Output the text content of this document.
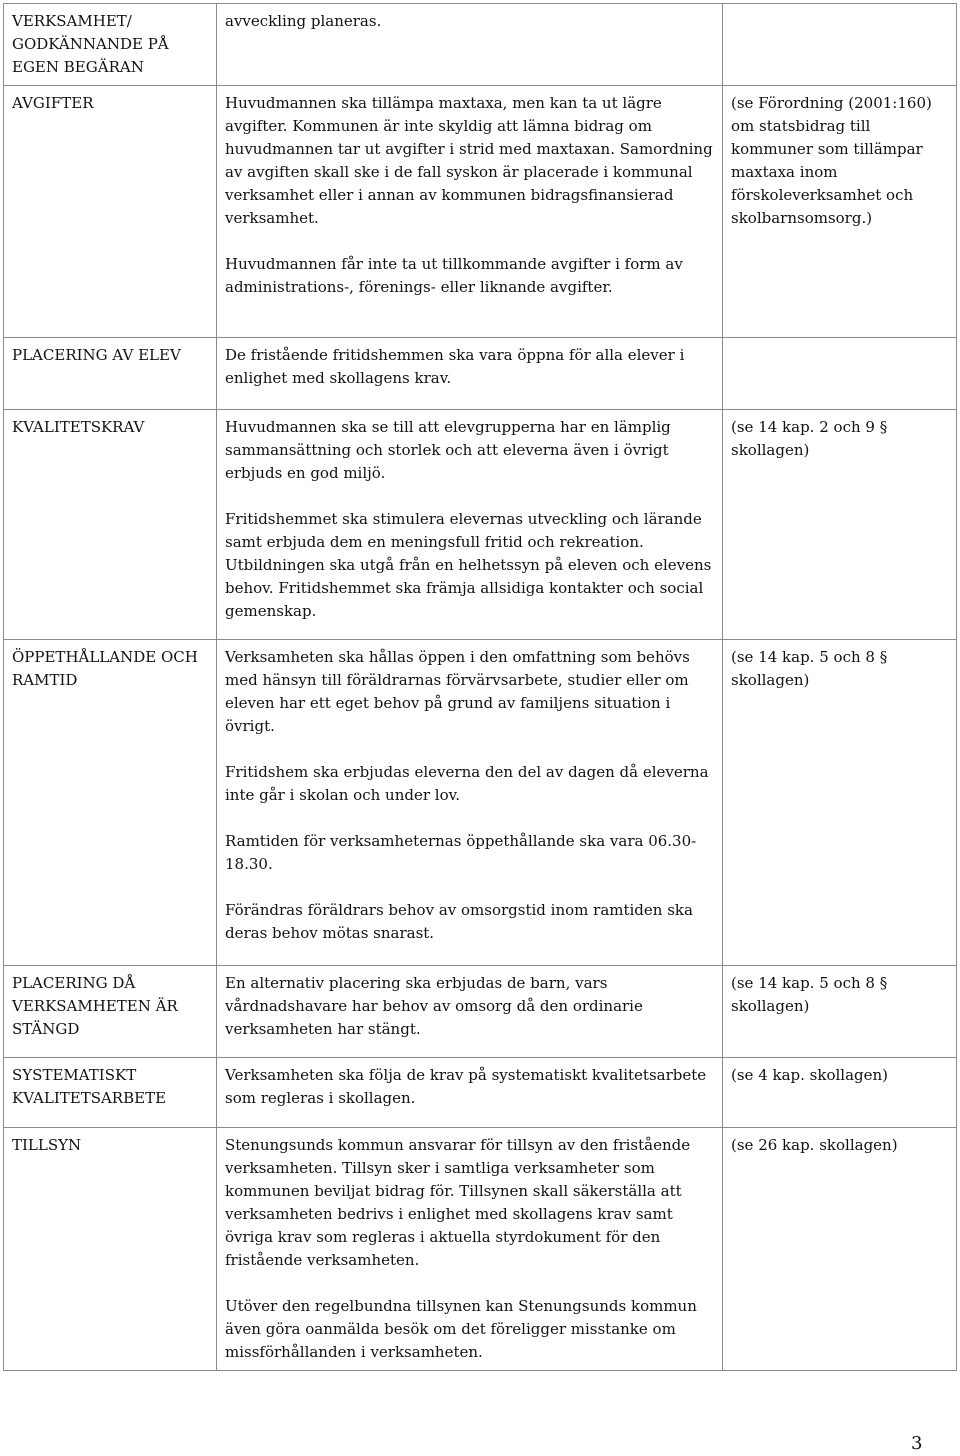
VERKSAMHET/ GODKÄNNANDE PÅ EGEN BEGÄRAN	avveckling planeras.	

AVGIFTER	Huvudmannen ska tillämpa maxtaxa, men kan ta ut lägre avgifter. Kommunen är inte skyldig att lämna bidrag om huvudmannen tar ut avgifter i strid med maxtaxan. Samordning av avgiften skall ske i de fall syskon är placerade i kommunal verksamhet eller i annan av kommunen bidragsfinansierad verksamhet.

Huvudmannen får inte ta ut tillkommande avgifter i form av administrations-, förenings- eller liknande avgifter.	(se Förordning (2001:160) om statsbidrag till kommuner som tillämpar maxtaxa inom förskoleverksamhet och skolbarnsomsorg.)
PLACERING AV ELEV	De fristående fritidshemmen ska vara öppna för alla elever i enlighet med skollagens krav.	

KVALITETSKRAV	Huvudmannen ska se till att elevgrupperna har en lämplig sammansättning och storlek och att eleverna även i övrigt erbjuds en god miljö.

Fritidshemmet ska stimulera elevernas utveckling och lärande samt erbjuda dem en meningsfull fritid och rekreation. Utbildningen ska utgå från en helhetssyn på eleven och elevens behov. Fritidshemmet ska främja allsidiga kontakter och social gemenskap.	(se 14 kap. 2 och 9 § skollagen)
ÖPPETHÅLLANDE OCH RAMTID	Verksamheten ska hållas öppen i den omfattning som behövs med hänsyn till föräldrarnas förvärvsarbete, studier eller om eleven har ett eget behov på grund av familjens situation i övrigt.

Fritidshem ska erbjudas eleverna den del av dagen då eleverna inte går i skolan och under lov.

Ramtiden för verksamheternas öppethållande ska vara 06.30-18.30.

Förändras föräldrars behov av omsorgstid inom ramtiden ska deras behov mötas snarast.	(se 14 kap. 5 och 8 § skollagen)
PLACERING DÅ VERKSAMHETEN ÄR STÄNGD	En alternativ placering ska erbjudas de barn, vars vårdnadshavare har behov av omsorg då den ordinarie verksamheten har stängt.	(se 14 kap. 5 och 8 § skollagen)
SYSTEMATISKT KVALITETSARBETE	Verksamheten ska följa de krav på systematiskt kvalitetsarbete som regleras i skollagen.	(se 4 kap. skollagen)
TILLSYN	Stenungsunds kommun ansvarar för tillsyn av den fristående verksamheten. Tillsyn sker i samtliga verksamheter som kommunen beviljat bidrag för. Tillsynen skall säkerställa att verksamheten bedrivs i enlighet med skollagens krav samt övriga krav som regleras i aktuella styrdokument för den fristående verksamheten.

Utöver den regelbundna tillsynen kan Stenungsunds kommun även göra oanmälda besök om det föreligger misstanke om missförhållanden i verksamheten.	(se 26 kap. skollagen)
3
